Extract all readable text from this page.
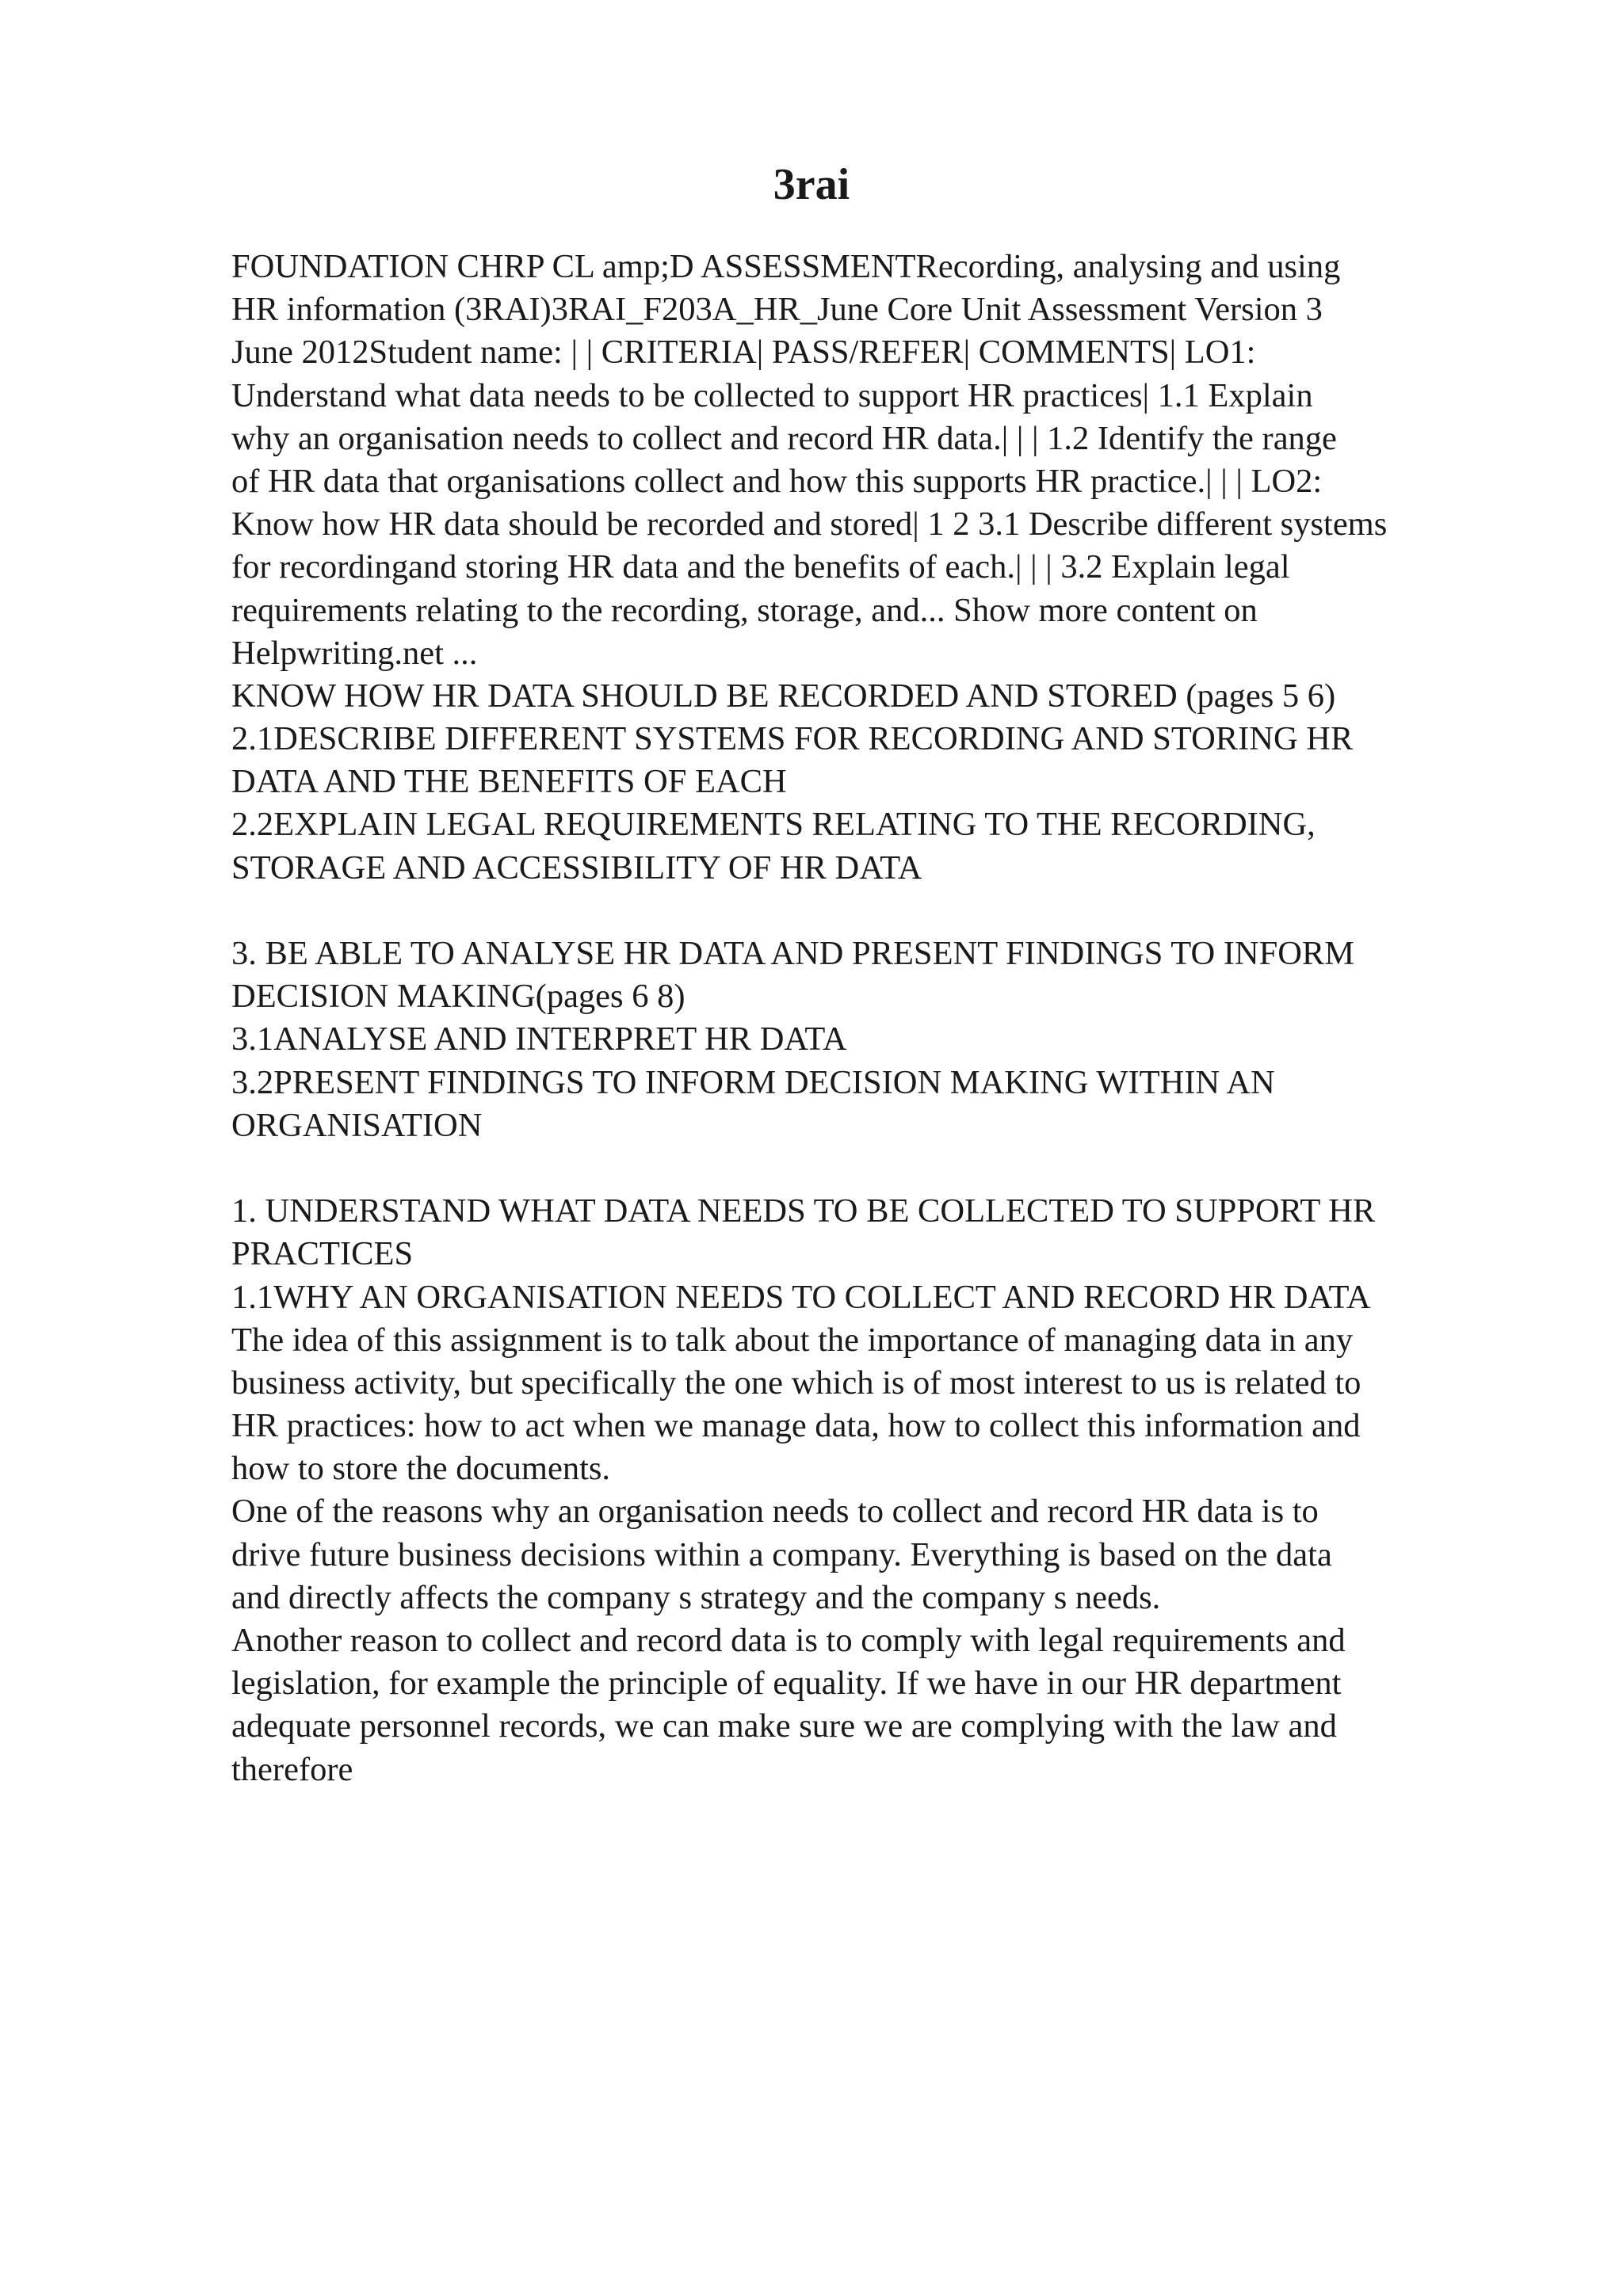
3rai
FOUNDATION CHRP CL amp;D ASSESSMENTRecording, analysing and using
HR information (3RAI)3RAI_F203A_HR_June Core Unit Assessment Version 3
June 2012Student name: | | CRITERIA| PASS/REFER| COMMENTS| LO1:
Understand what data needs to be collected to support HR practices| 1.1 Explain
why an organisation needs to collect and record HR data.| | | 1.2 Identify the range
of HR data that organisations collect and how this supports HR practice.| | | LO2:
Know how HR data should be recorded and stored| 1 2 3.1 Describe different systems
for recordingand storing HR data and the benefits of each.| | | 3.2 Explain legal
requirements relating to the recording, storage, and... Show more content on
Helpwriting.net ...
KNOW HOW HR DATA SHOULD BE RECORDED AND STORED (pages 5 6)
2.1DESCRIBE DIFFERENT SYSTEMS FOR RECORDING AND STORING HR
DATA AND THE BENEFITS OF EACH
2.2EXPLAIN LEGAL REQUIREMENTS RELATING TO THE RECORDING,
STORAGE AND ACCESSIBILITY OF HR DATA
3. BE ABLE TO ANALYSE HR DATA AND PRESENT FINDINGS TO INFORM
DECISION MAKING(pages 6 8)
3.1ANALYSE AND INTERPRET HR DATA
3.2PRESENT FINDINGS TO INFORM DECISION MAKING WITHIN AN
ORGANISATION
1. UNDERSTAND WHAT DATA NEEDS TO BE COLLECTED TO SUPPORT HR
PRACTICES
1.1WHY AN ORGANISATION NEEDS TO COLLECT AND RECORD HR DATA
The idea of this assignment is to talk about the importance of managing data in any
business activity, but specifically the one which is of most interest to us is related to
HR practices: how to act when we manage data, how to collect this information and
how to store the documents.
One of the reasons why an organisation needs to collect and record HR data is to
drive future business decisions within a company. Everything is based on the data
and directly affects the company s strategy and the company s needs.
Another reason to collect and record data is to comply with legal requirements and
legislation, for example the principle of equality. If we have in our HR department
adequate personnel records, we can make sure we are complying with the law and
therefore
